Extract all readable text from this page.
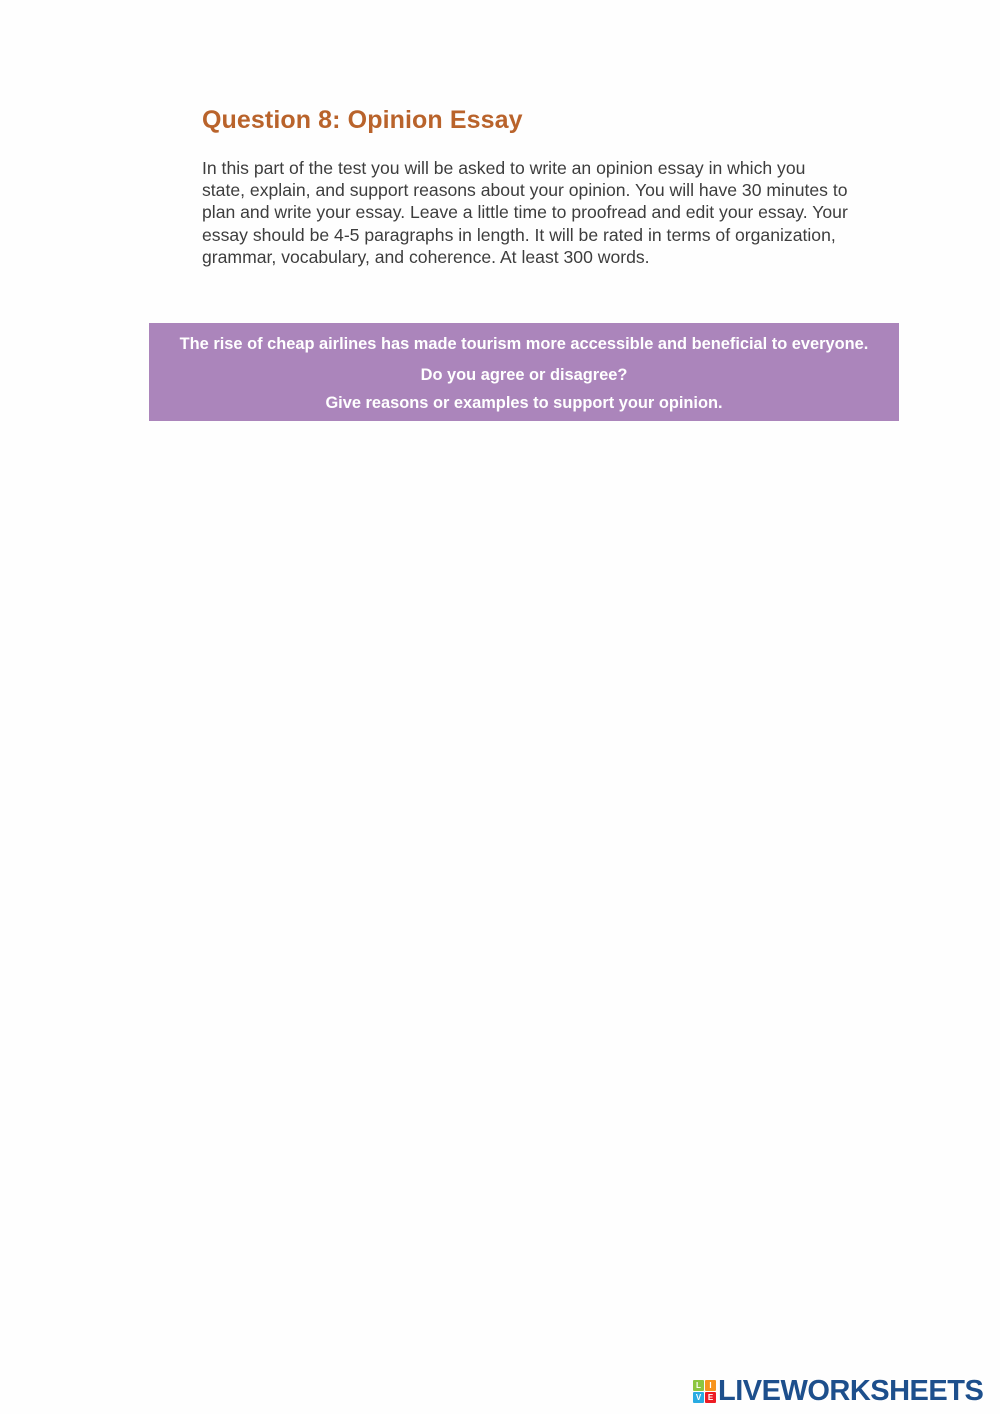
Question 8: Opinion Essay

In this part of the test you will be asked to write an opinion essay in which you state, explain, and support reasons about your opinion. You will have 30 minutes to plan and write your essay. Leave a little time to proofread and edit your essay. Your essay should be 4-5 paragraphs in length. It will be rated in terms of organization, grammar, vocabulary, and coherence. At least 300 words.

The rise of cheap airlines has made tourism more accessible and beneficial to everyone.
Do you agree or disagree?
Give reasons or examples to support your opinion.
L	I
V E LIVEWORKSHEETS
